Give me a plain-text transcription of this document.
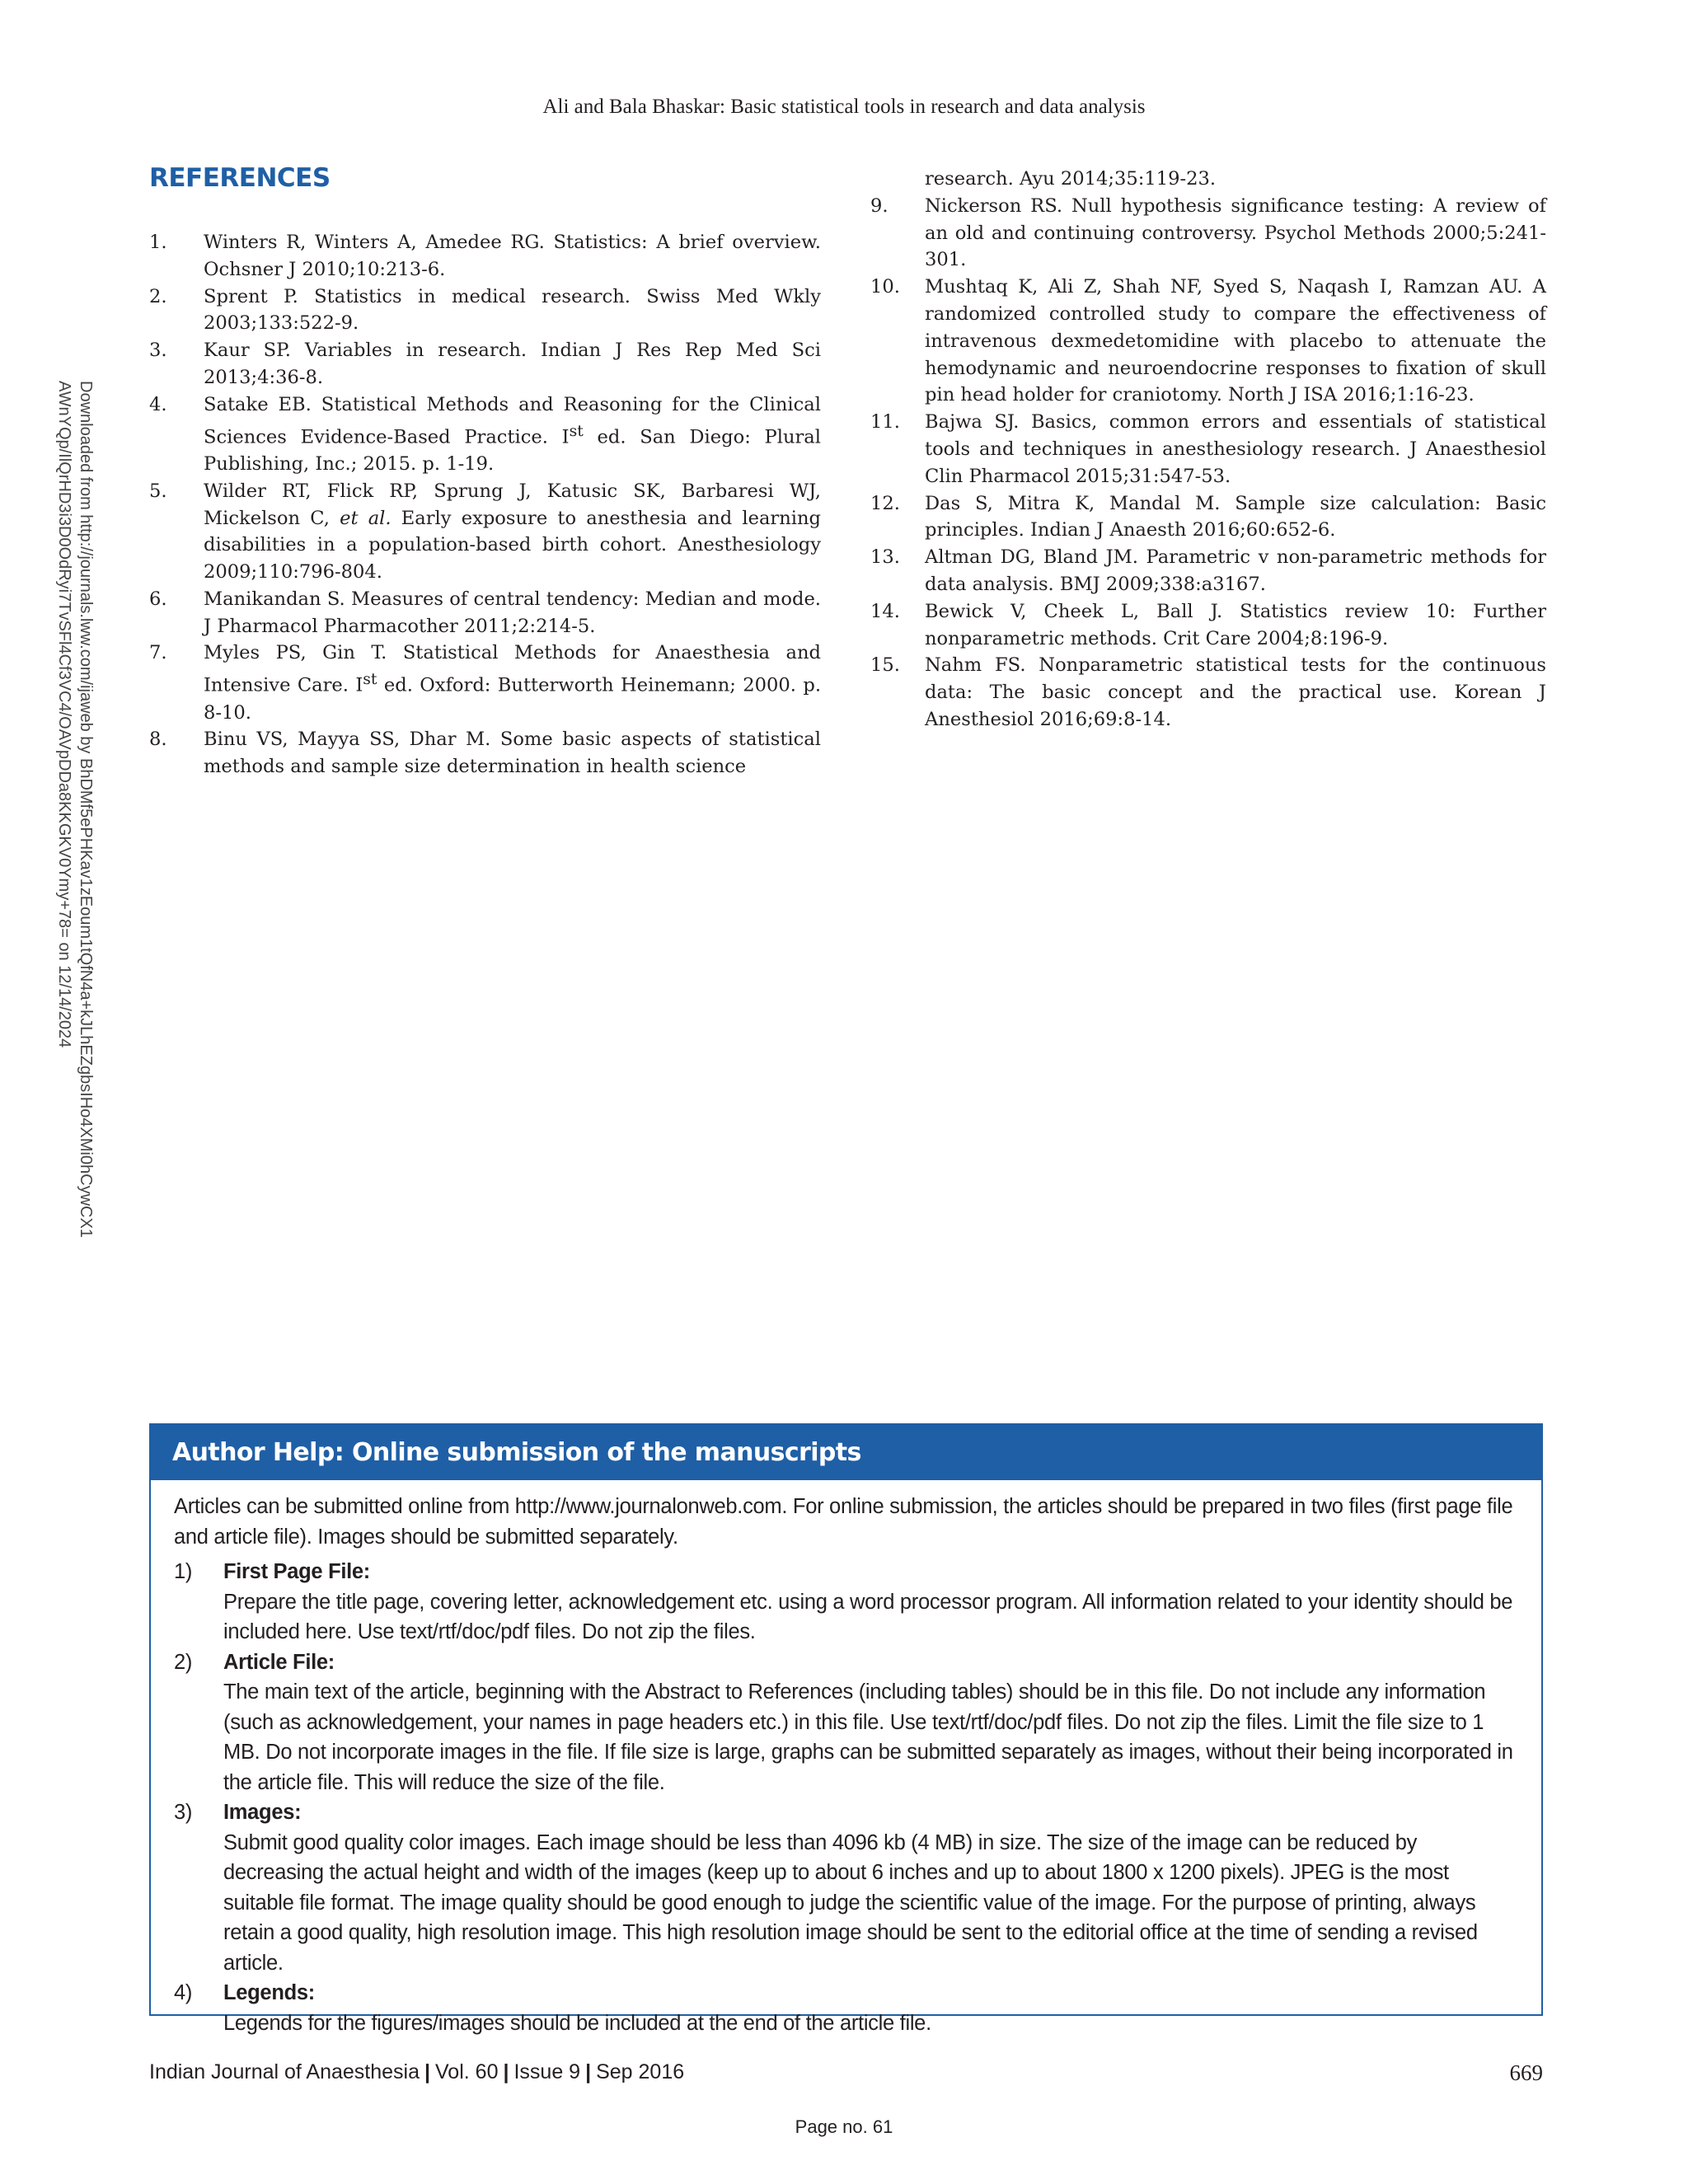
Ali and Bala Bhaskar: Basic statistical tools in research and data analysis
Downloaded from http://journals.lww.com/ijaweb by BhDMf5ePHKav1zEoum1tQfN4a+kJLhEZgbsIHo4XMi0hCywCX1
AWnYQp/IlQrHD3i3D0OdRyi7TvSFl4Cf3VC4/OAVpDDa8KKGKV0Ymy+78= on 12/14/2024
REFERENCES
1. Winters R, Winters A, Amedee RG. Statistics: A brief overview. Ochsner J 2010;10:213-6.
2. Sprent P. Statistics in medical research. Swiss Med Wkly 2003;133:522-9.
3. Kaur SP. Variables in research. Indian J Res Rep Med Sci 2013;4:36-8.
4. Satake EB. Statistical Methods and Reasoning for the Clinical Sciences Evidence-Based Practice. Ist ed. San Diego: Plural Publishing, Inc.; 2015. p. 1-19.
5. Wilder RT, Flick RP, Sprung J, Katusic SK, Barbaresi WJ, Mickelson C, et al. Early exposure to anesthesia and learning disabilities in a population-based birth cohort. Anesthesiology 2009;110:796-804.
6. Manikandan S. Measures of central tendency: Median and mode. J Pharmacol Pharmacother 2011;2:214-5.
7. Myles PS, Gin T. Statistical Methods for Anaesthesia and Intensive Care. Ist ed. Oxford: Butterworth Heinemann; 2000. p. 8-10.
8. Binu VS, Mayya SS, Dhar M. Some basic aspects of statistical methods and sample size determination in health science
research. Ayu 2014;35:119-23.
9. Nickerson RS. Null hypothesis significance testing: A review of an old and continuing controversy. Psychol Methods 2000;5:241-301.
10. Mushtaq K, Ali Z, Shah NF, Syed S, Naqash I, Ramzan AU. A randomized controlled study to compare the effectiveness of intravenous dexmedetomidine with placebo to attenuate the hemodynamic and neuroendocrine responses to fixation of skull pin head holder for craniotomy. North J ISA 2016;1:16-23.
11. Bajwa SJ. Basics, common errors and essentials of statistical tools and techniques in anesthesiology research. J Anaesthesiol Clin Pharmacol 2015;31:547-53.
12. Das S, Mitra K, Mandal M. Sample size calculation: Basic principles. Indian J Anaesth 2016;60:652-6.
13. Altman DG, Bland JM. Parametric v non-parametric methods for data analysis. BMJ 2009;338:a3167.
14. Bewick V, Cheek L, Ball J. Statistics review 10: Further nonparametric methods. Crit Care 2004;8:196-9.
15. Nahm FS. Nonparametric statistical tests for the continuous data: The basic concept and the practical use. Korean J Anesthesiol 2016;69:8-14.
Author Help: Online submission of the manuscripts

Articles can be submitted online from http://www.journalonweb.com. For online submission, the articles should be prepared in two files (first page file and article file). Images should be submitted separately.

1) First Page File:
Prepare the title page, covering letter, acknowledgement etc. using a word processor program. All information related to your identity should be included here. Use text/rtf/doc/pdf files. Do not zip the files.
2) Article File:
The main text of the article, beginning with the Abstract to References (including tables) should be in this file. Do not include any information (such as acknowledgement, your names in page headers etc.) in this file. Use text/rtf/doc/pdf files. Do not zip the files. Limit the file size to 1 MB. Do not incorporate images in the file. If file size is large, graphs can be submitted separately as images, without their being incorporated in the article file. This will reduce the size of the file.
3) Images:
Submit good quality color images. Each image should be less than 4096 kb (4 MB) in size. The size of the image can be reduced by decreasing the actual height and width of the images (keep up to about 6 inches and up to about 1800 x 1200 pixels). JPEG is the most suitable file format. The image quality should be good enough to judge the scientific value of the image. For the purpose of printing, always retain a good quality, high resolution image. This high resolution image should be sent to the editorial office at the time of sending a revised article.
4) Legends:
Legends for the figures/images should be included at the end of the article file.
Indian Journal of Anaesthesia | Vol. 60 | Issue 9 | Sep 2016	669
Page no. 61
